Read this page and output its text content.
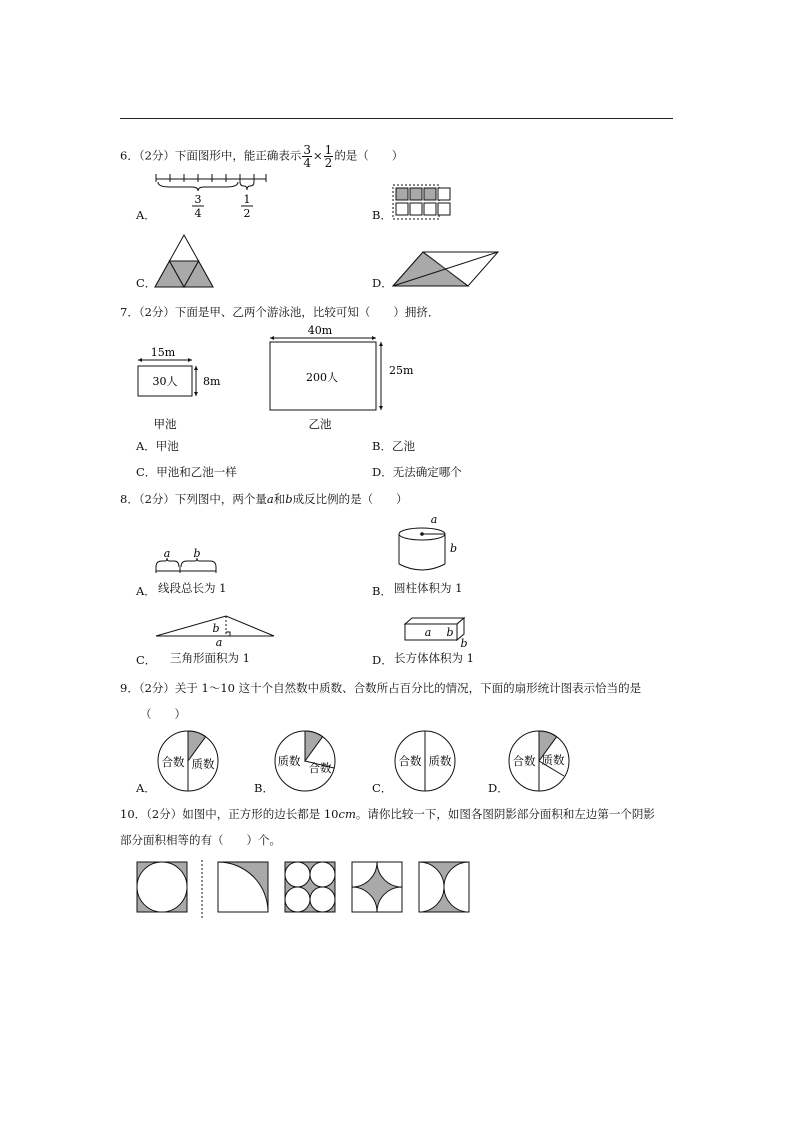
6．（2分）下面图形中，能正确表示 $\frac{3}{4} \times \frac{1}{2}$ 的是（　　）
A．
3
4
1
2	B．
C．	D．
7．（2分）下面是甲、乙两个游泳池，比较可知（　　）拥挤．
15m
30人 8m
甲池
40m
200人
25m
乙池
A．甲池	B．乙池
C．甲池和乙池一样	D．无法确定哪个
8．（2分）下列图中，两个量a和b成反比例的是（　　）
A．
a b
线段总长为 1	B．
a
b
圆柱体积为 1
C．
b
a
三角形面积为 1	D．
a b
b
长方体体积为 1
9．（2分）关于 1～10 这十个自然数中质数、合数所占百分比的情况，下面的扇形统计图表示恰当的是
（　　）
A．
合数 质数
B．
质数 合数
C．
合数 质数
D．
合数 质数
10．（2分）如图中，正方形的边长都是 10cm。请你比较一下，如图各图阴影部分面积和左边第一个阴影
部分面积相等的有（　　）个。
